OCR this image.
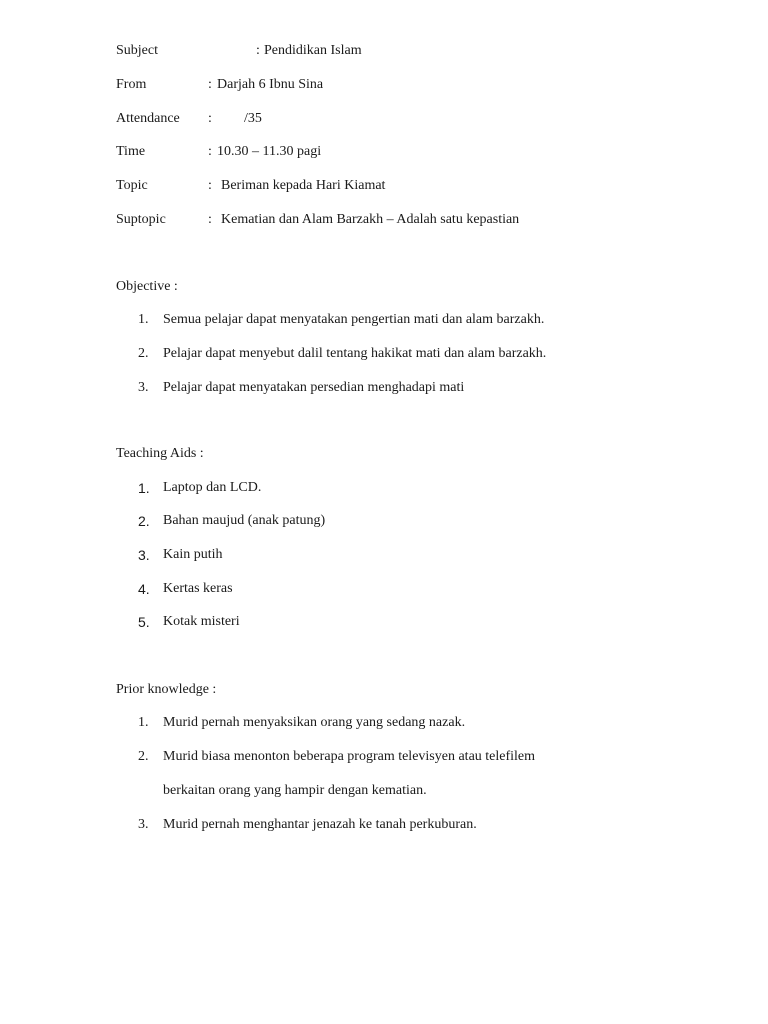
Subject	: Pendidikan Islam
From	: Darjah 6 Ibnu Sina
Attendance : /35
Time	: 10.30 – 11.30 pagi
Topic	: Beriman kepada Hari Kiamat
Suptopic	: Kematian dan Alam Barzakh – Adalah satu kepastian
Objective :
1. Semua pelajar dapat menyatakan pengertian mati dan alam barzakh.
2. Pelajar dapat menyebut dalil tentang hakikat mati dan alam barzakh.
3. Pelajar dapat menyatakan persedian menghadapi mati
Teaching Aids :
1. Laptop dan LCD.
2. Bahan maujud (anak patung)
3. Kain putih
4. Kertas keras
5. Kotak misteri
Prior knowledge :
1. Murid pernah menyaksikan orang yang sedang nazak.
2. Murid biasa menonton beberapa program televisyen atau telefilem
berkaitan orang yang hampir dengan kematian.
3. Murid pernah menghantar jenazah ke tanah perkuburan.
